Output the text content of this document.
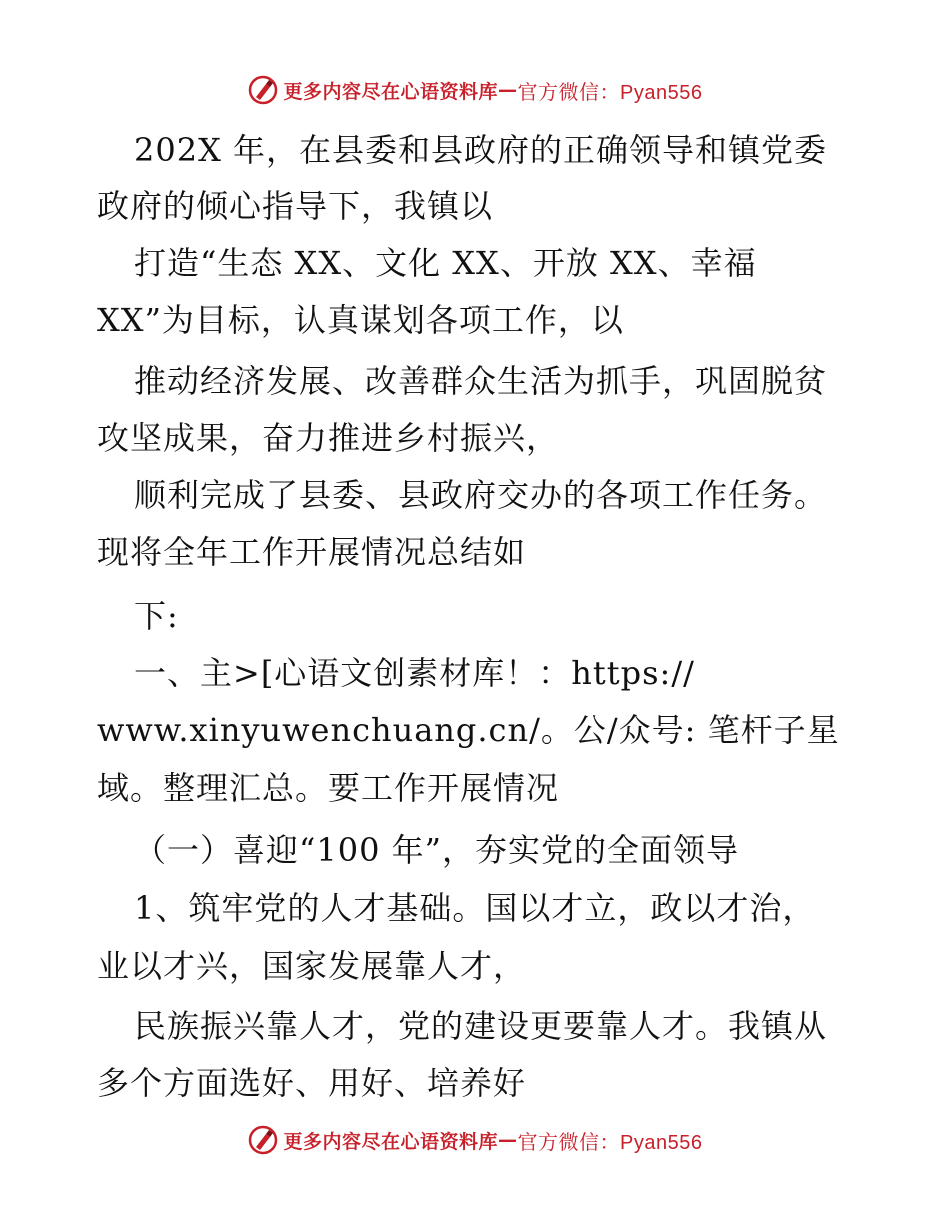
更多内容尽在心语资料库 — 官方微信：Pyan556
202X 年，在县委和县政府的正确领导和镇党委
政府的倾心指导下，我镇以
打造“生态 XX、文化 XX、开放 XX、幸福
XX”为目标，认真谋划各项工作，以
推动经济发展、改善群众生活为抓手，巩固脱贫
攻坚成果，奋力推进乡村振兴，
顺利完成了县委、县政府交办的各项工作任务。
现将全年工作开展情况总结如
下:
一、主>[心语文创素材库！：https://
www.xinyuwenchuang.cn/。公/众号: 笔杆子星
域。整理汇总。要工作开展情况
（一）喜迎“100 年”，夯实党的全面领导
1、筑牢党的人才基础。国以才立，政以才治，
业以才兴，国家发展靠人才，
民族振兴靠人才，党的建设更要靠人才。我镇从
多个方面选好、用好、培养好
更多内容尽在心语资料库 — 官方微信：Pyan556
